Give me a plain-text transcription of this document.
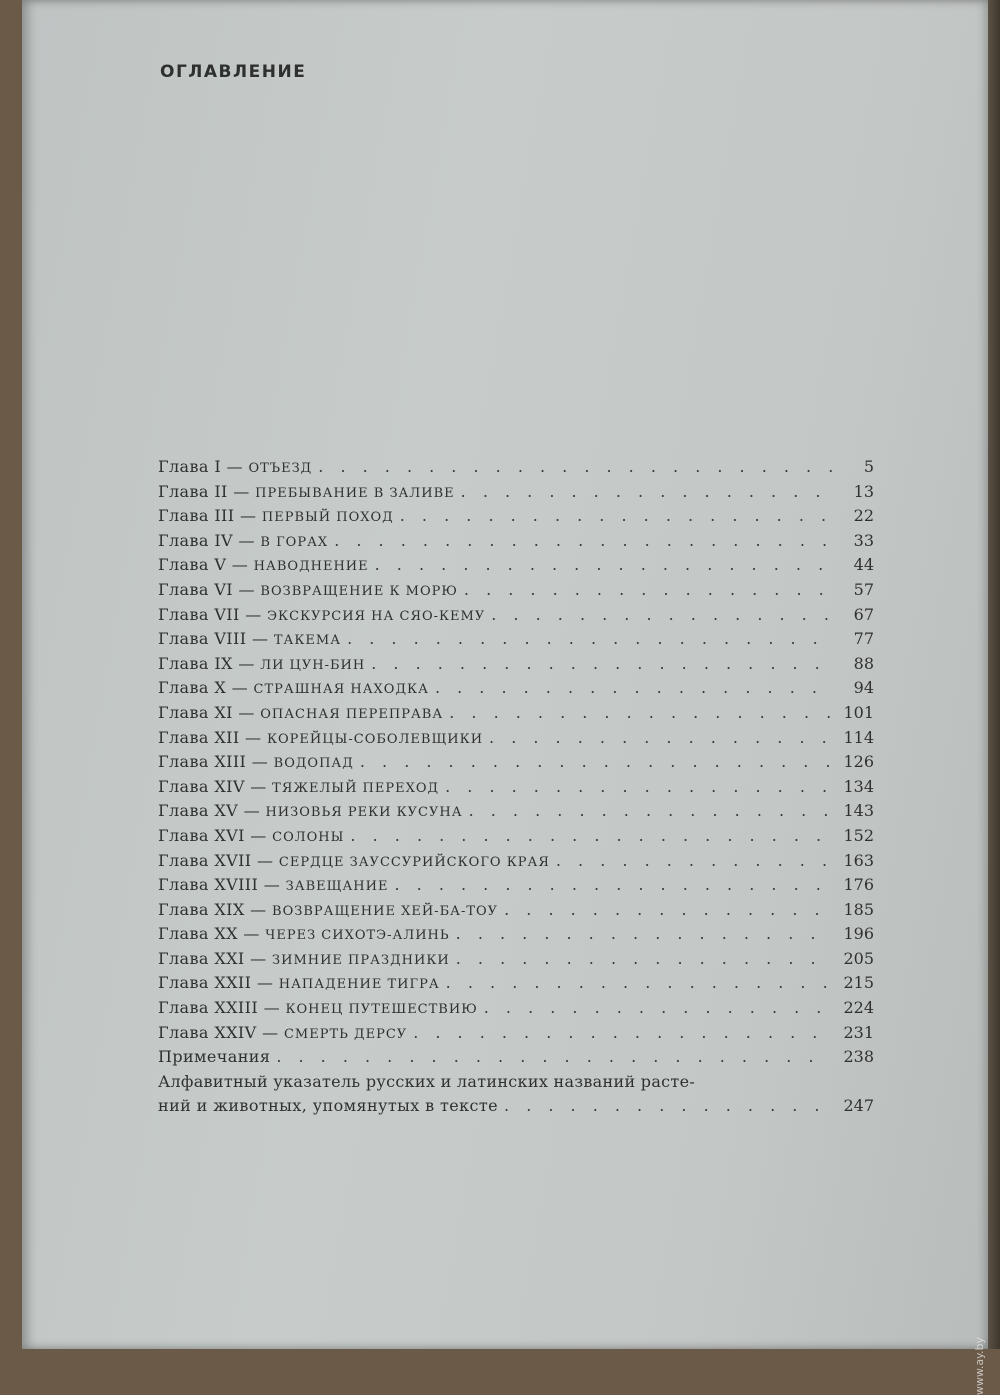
ОГЛАВЛЕНИЕ
Глава I — ОТЪЕЗД . . .	5
Глава II — ПРЕБЫВАНИЕ В ЗАЛИВЕ . . .	13
Глава III — ПЕРВЫЙ ПОХОД . . .	22
Глава IV — В ГОРАХ . . .	33
Глава V — НАВОДНЕНИЕ . . .	44
Глава VI — ВОЗВРАЩЕНИЕ К МОРЮ . . .	57
Глава VII — ЭКСКУРСИЯ НА СЯО-КЕМУ . . .	67
Глава VIII — ТАКЕМА . . .	77
Глава IX — ЛИ ЦУН-БИН . . .	88
Глава X — СТРАШНАЯ НАХОДКА . . .	94
Глава XI — ОПАСНАЯ ПЕРЕПРАВА . . .	101
Глава XII — КОРЕЙЦЫ-СОБОЛЕВЩИКИ . . .	114
Глава XIII — ВОДОПАД . . .	126
Глава XIV — ТЯЖЕЛЫЙ ПЕРЕХОД . . .	134
Глава XV — НИЗОВЬЯ РЕКИ КУСУНА . . .	143
Глава XVI — СОЛОНЫ . . .	152
Глава XVII — СЕРДЦЕ ЗАУССУРИЙСКОГО КРАЯ . . .	163
Глава XVIII — ЗАВЕЩАНИЕ . . .	176
Глава XIX — ВОЗВРАЩЕНИЕ ХЕЙ-БА-ТОУ . . .	185
Глава XX — ЧЕРЕЗ СИХОТЭ-АЛИНЬ . . .	196
Глава XXI — ЗИМНИЕ ПРАЗДНИКИ . . .	205
Глава XXII — НАПАДЕНИЕ ТИГРА . . .	215
Глава XXIII — КОНЕЦ ПУТЕШЕСТВИЮ . . .	224
Глава XXIV — СМЕРТЬ ДЕРСУ . . .	231
Примечания . . .	238
Алфавитный указатель русских и латинских названий расте-
ний и животных, упомянутых в тексте . . .	247
www.ay.by
